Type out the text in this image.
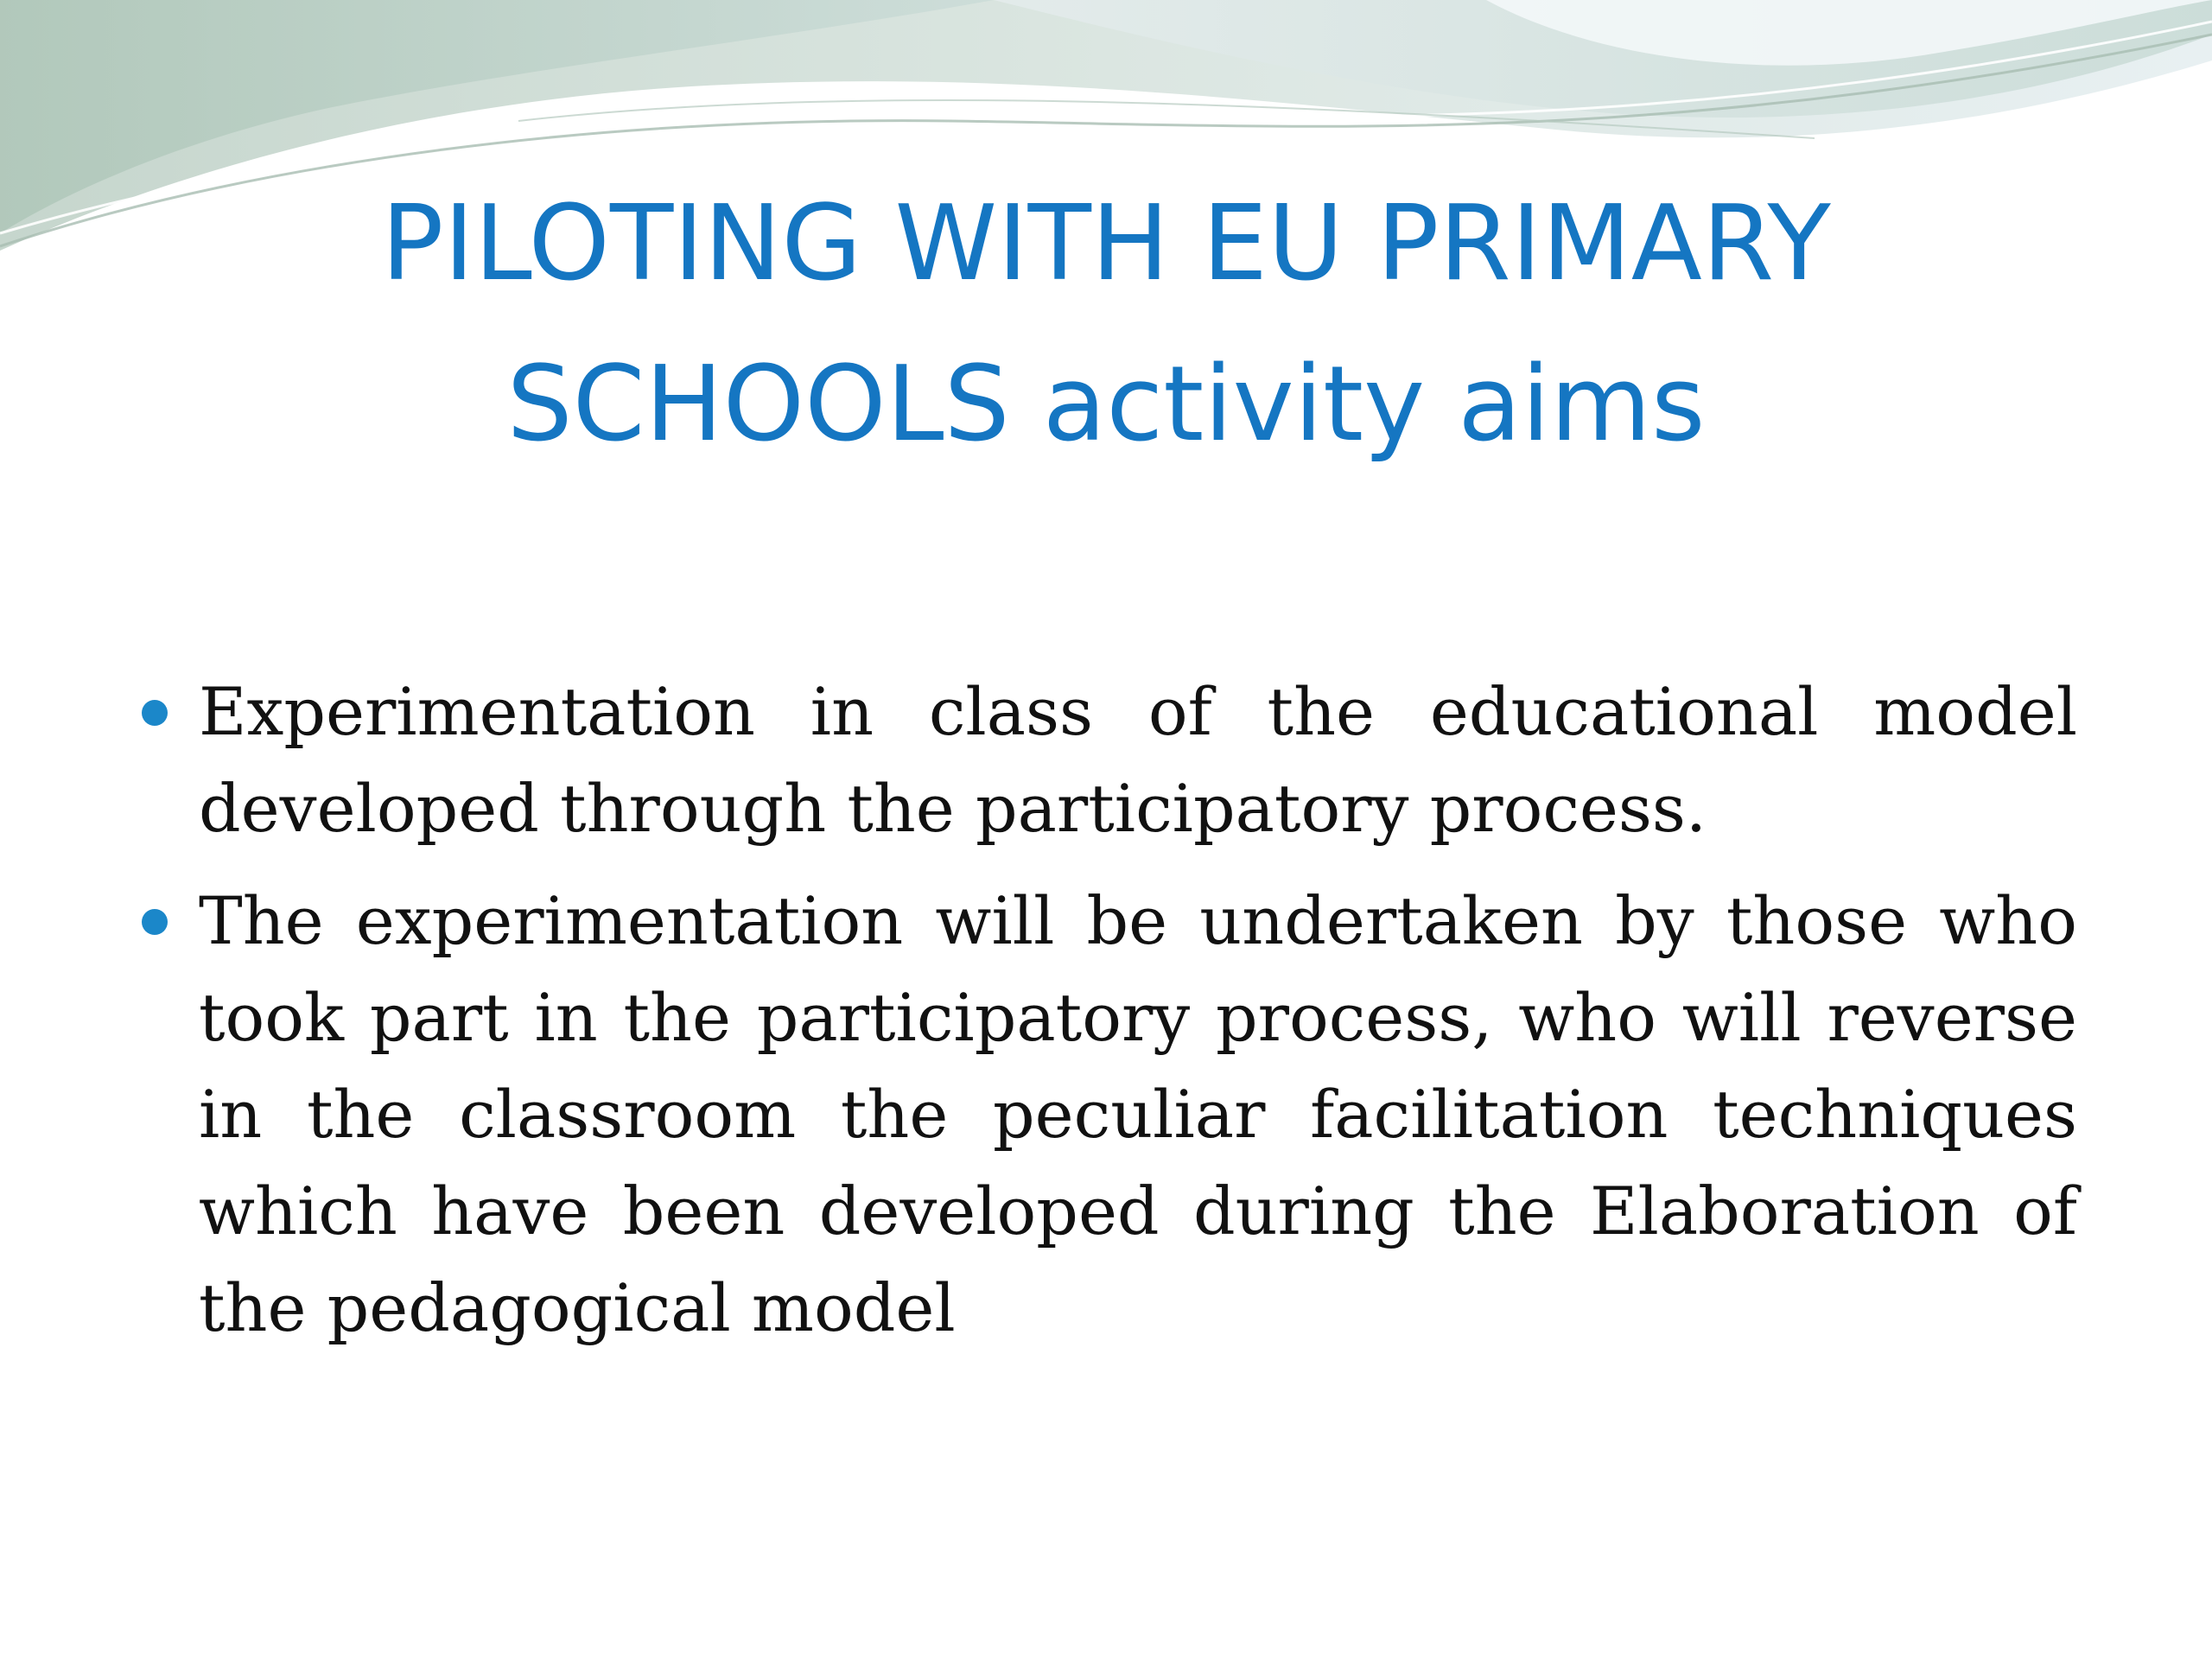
PILOTING WITH EU PRIMARY
SCHOOLS activity aims
Experimentation in class of the educational model developed through the participatory process.
The experimentation will be undertaken by those who took part in the participatory process, who will reverse in the classroom the peculiar facilitation techniques which have been developed during the Elaboration of the pedagogical model
